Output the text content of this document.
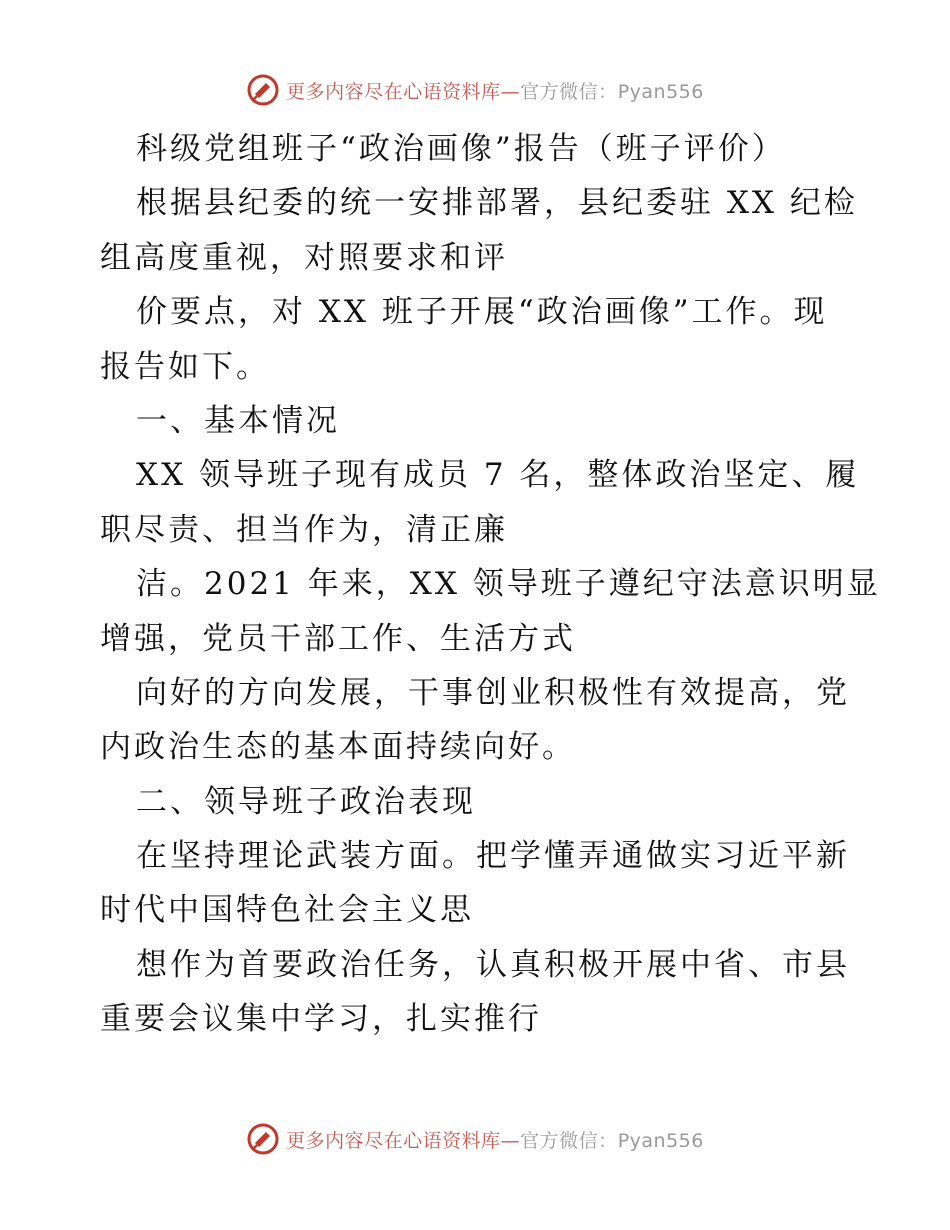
更多内容尽在心语资料库—官方微信：Pyan556
科级党组班子“政治画像”报告（班子评价）
根据县纪委的统一安排部署，县纪委驻 XX 纪检
组高度重视，对照要求和评
价要点，对 XX 班子开展“政治画像”工作。现
报告如下。
一、基本情况
XX 领导班子现有成员 7 名，整体政治坚定、履
职尽责、担当作为，清正廉
洁。2021 年来，XX 领导班子遵纪守法意识明显
增强，党员干部工作、生活方式
向好的方向发展，干事创业积极性有效提高，党
内政治生态的基本面持续向好。
二、领导班子政治表现
在坚持理论武装方面。把学懂弄通做实习近平新
时代中国特色社会主义思
想作为首要政治任务，认真积极开展中省、市县
重要会议集中学习，扎实推行
更多内容尽在心语资料库—官方微信：Pyan556
